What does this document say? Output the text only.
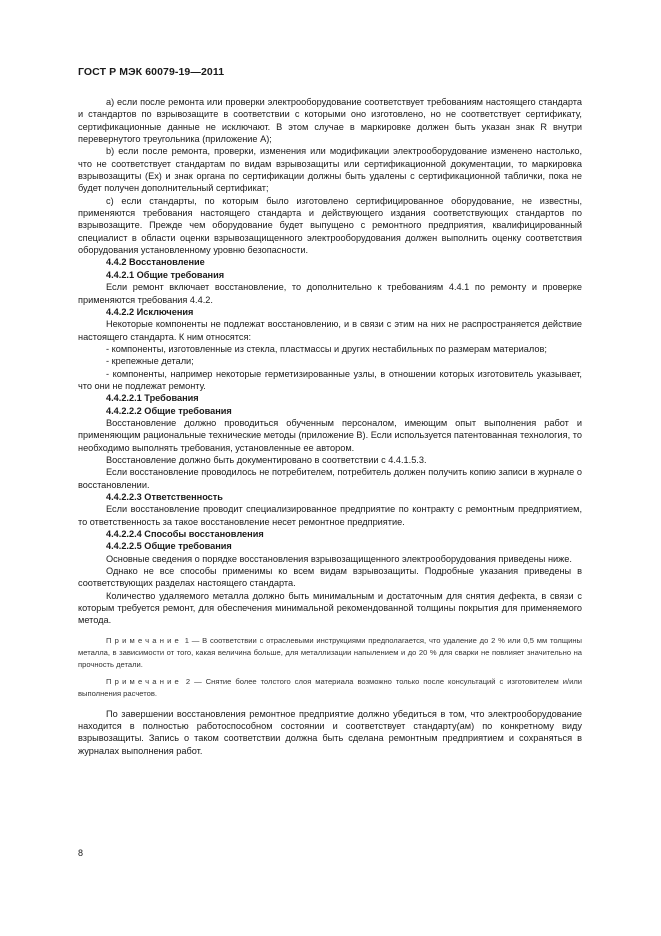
ГОСТ Р МЭК 60079-19—2011

a) если после ремонта или проверки электрооборудование соответствует требованиям настоящего стандарта и стандартов по взрывозащите в соответствии с которыми оно изготовлено, но не соответствует сертификату, сертификационные данные не исключают. В этом случае в маркировке должен быть указан знак R внутри перевернутого треугольника (приложение А);

b) если после ремонта, проверки, изменения или модификации электрооборудование изменено настолько, что не соответствует стандартам по видам взрывозащиты или сертификационной документации, то маркировка взрывозащиты (Ex) и знак органа по сертификации должны быть удалены с сертификационной таблички, пока не будет получен дополнительный сертификат;

c) если стандарты, по которым было изготовлено сертифицированное оборудование, не известны, применяются требования настоящего стандарта и действующего издания соответствующих стандартов по взрывозащите. Прежде чем оборудование будет выпущено с ремонтного предприятия, квалифицированный специалист в области оценки взрывозащищенного электрооборудования должен выполнить оценку соответствия оборудования установленному уровню безопасности.

4.4.2 Восстановление

4.4.2.1 Общие требования

Если ремонт включает восстановление, то дополнительно к требованиям 4.4.1 по ремонту и проверке применяются требования 4.4.2.

4.4.2.2 Исключения

Некоторые компоненты не подлежат восстановлению, и в связи с этим на них не распространяется действие настоящего стандарта. К ним относятся:

- компоненты, изготовленные из стекла, пластмассы и других нестабильных по размерам материалов;

- крепежные детали;

- компоненты, например некоторые герметизированные узлы, в отношении которых изготовитель указывает, что они не подлежат ремонту.

4.4.2.2.1 Требования

4.4.2.2.2 Общие требования

Восстановление должно проводиться обученным персоналом, имеющим опыт выполнения работ и применяющим рациональные технические методы (приложение В). Если используется патентованная технология, то необходимо выполнять требования, установленные ее автором.

Восстановление должно быть документировано в соответствии с 4.4.1.5.3.

Если восстановление проводилось не потребителем, потребитель должен получить копию записи в журнале о восстановлении.

4.4.2.2.3 Ответственность

Если восстановление проводит специализированное предприятие по контракту с ремонтным предприятием, то ответственность за такое восстановление несет ремонтное предприятие.

4.4.2.2.4 Способы восстановления

4.4.2.2.5 Общие требования

Основные сведения о порядке восстановления взрывозащищенного электрооборудования приведены ниже.

Однако не все способы применимы ко всем видам взрывозащиты. Подробные указания приведены в соответствующих разделах настоящего стандарта.

Количество удаляемого металла должно быть минимальным и достаточным для снятия дефекта, в связи с которым требуется ремонт, для обеспечения минимальной рекомендованной толщины покрытия для применяемого метода.

Примечание 1 — В соответствии с отраслевыми инструкциями предполагается, что удаление до 2 % или 0,5 мм толщины металла, в зависимости от того, какая величина больше, для металлизации напылением и до 20 % для сварки не повлияет значительно на прочность детали.

Примечание 2 — Снятие более толстого слоя материала возможно только после консультаций с изготовителем и/или выполнения расчетов.

По завершении восстановления ремонтное предприятие должно убедиться в том, что электрооборудование находится в полностью работоспособном состоянии и соответствует стандарту(ам) по конкретному виду взрывозащиты. Запись о таком соответствии должна быть сделана ремонтным предприятием и сохраняться в журналах выполнения работ.

8
